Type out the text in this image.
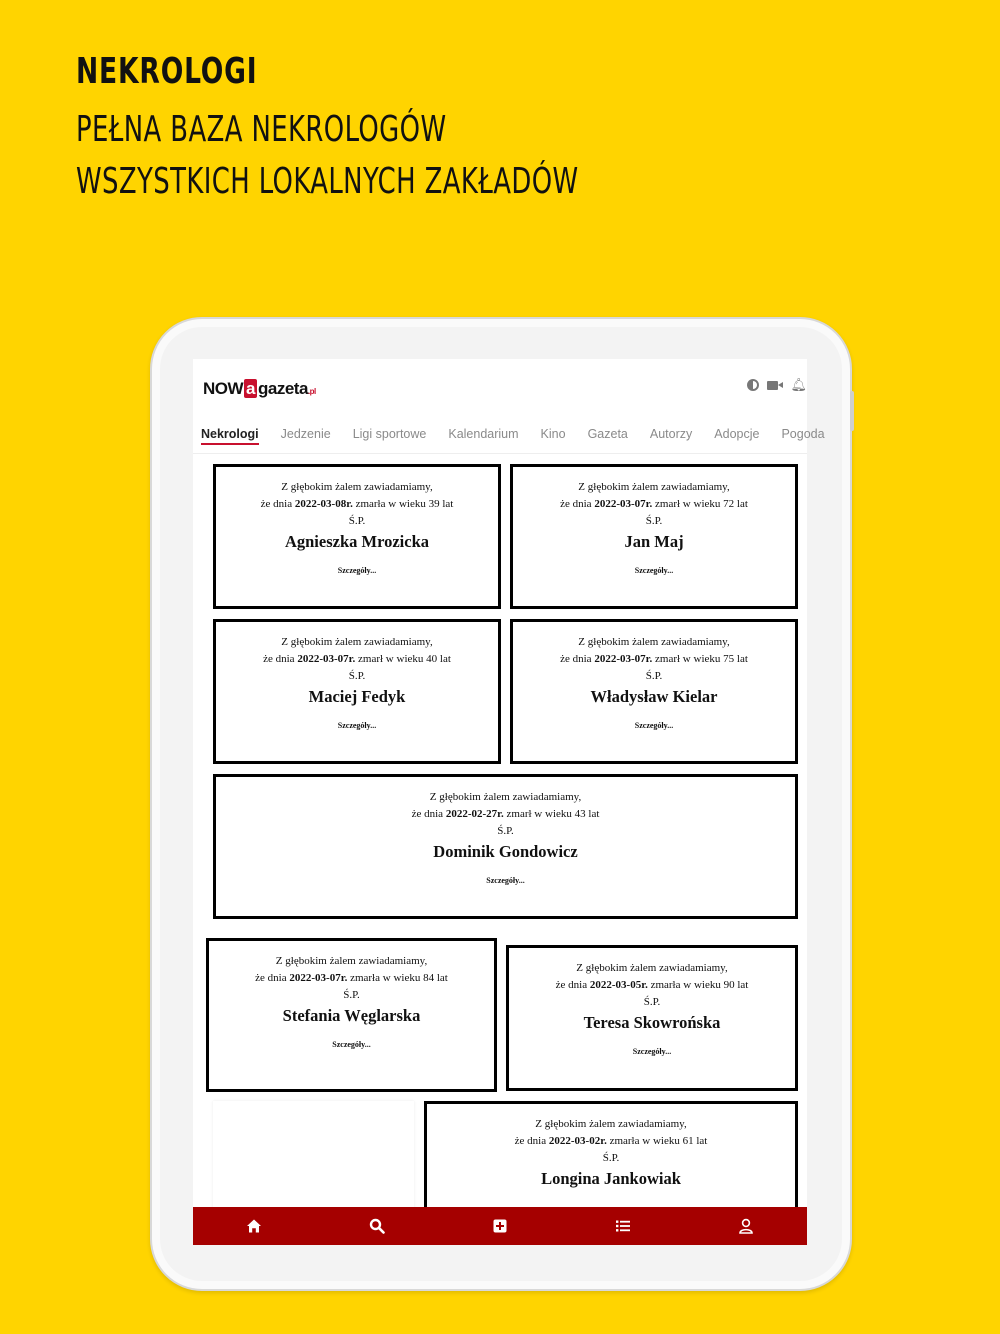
NEKROLOGI
PEŁNA BAZA NEKROLOGÓW
WSZYSTKICH LOKALNYCH ZAKŁADÓW
NOW a gazeta.pl	🔔︎
Nekrologi Jedzenie Ligi sportowe Kalendarium Kino Gazeta Autorzy Adopcje Pogoda
Z głębokim żalem zawiadamiamy,
że dnia 2022-03-08r. zmarła w wieku 39 lat
Ś.P.
Agnieszka Mrozicka
Szczegóły...
Z głębokim żalem zawiadamiamy,
że dnia 2022-03-07r. zmarł w wieku 72 lat
Ś.P.
Jan Maj
Szczegóły...
Z głębokim żalem zawiadamiamy,
że dnia 2022-03-07r. zmarł w wieku 40 lat
Ś.P.
Maciej Fedyk
Szczegóły...
Z głębokim żalem zawiadamiamy,
że dnia 2022-03-07r. zmarł w wieku 75 lat
Ś.P.
Władysław Kielar
Szczegóły...
Z głębokim żalem zawiadamiamy,
że dnia 2022-02-27r. zmarł w wieku 43 lat
Ś.P.
Dominik Gondowicz
Szczegóły...
Z głębokim żalem zawiadamiamy,
że dnia 2022-03-07r. zmarła w wieku 84 lat
Ś.P.
Stefania Węglarska
Szczegóły...
Z głębokim żalem zawiadamiamy,
że dnia 2022-03-05r. zmarła w wieku 90 lat
Ś.P.
Teresa Skowrońska
Szczegóły...
Z głębokim żalem zawiadamiamy,
że dnia 2022-03-02r. zmarła w wieku 61 lat
Ś.P.
Longina Jankowiak
